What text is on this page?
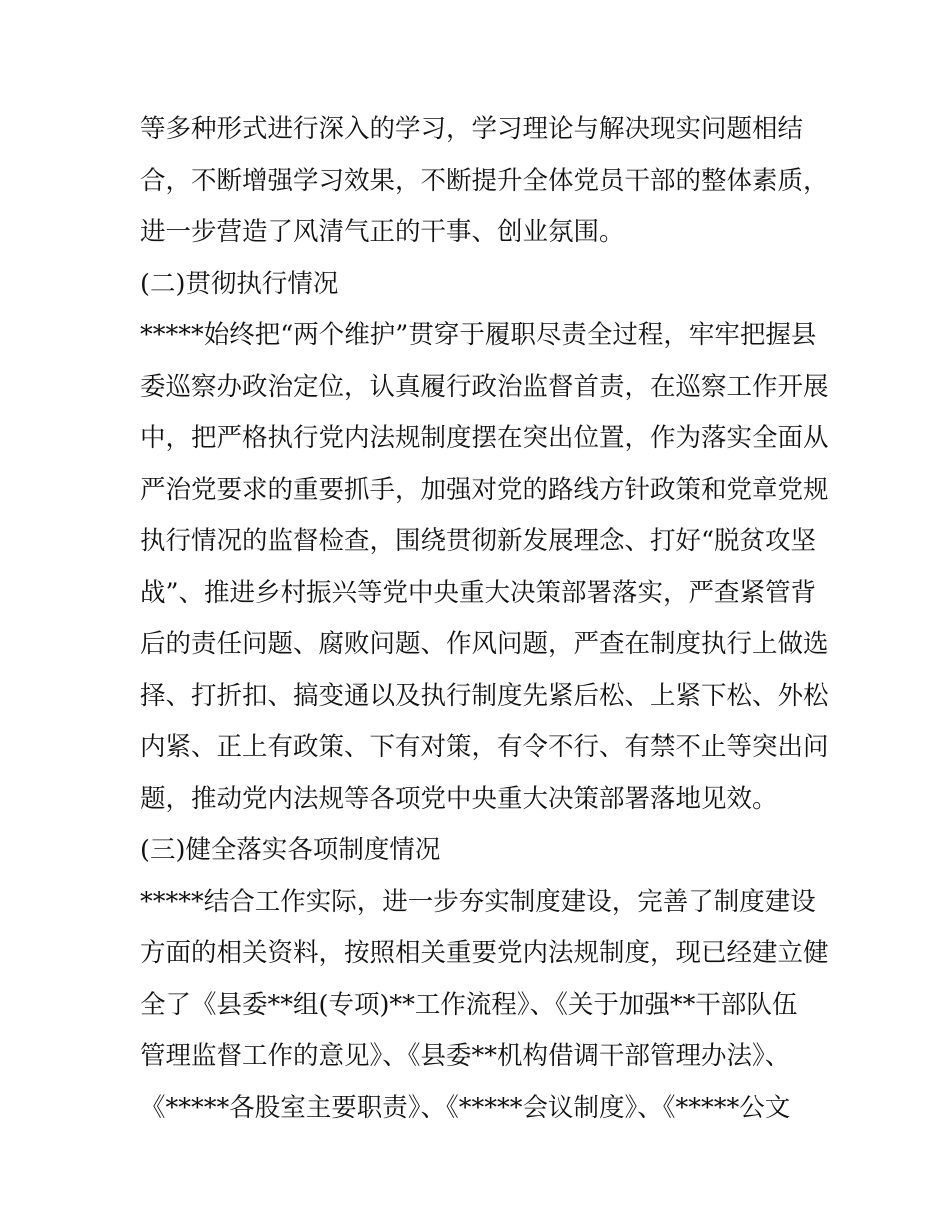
等多种形式进行深入的学习，学习理论与解决现实问题相结
合，不断增强学习效果，不断提升全体党员干部的整体素质，
进一步营造了风清气正的干事、创业氛围。
(二)贯彻执行情况
*****始终把“两个维护”贯穿于履职尽责全过程，牢牢把握县
委巡察办政治定位，认真履行政治监督首责，在巡察工作开展
中，把严格执行党内法规制度摆在突出位置，作为落实全面从
严治党要求的重要抓手，加强对党的路线方针政策和党章党规
执行情况的监督检查，围绕贯彻新发展理念、打好“脱贫攻坚
战”、推进乡村振兴等党中央重大决策部署落实，严查紧管背
后的责任问题、腐败问题、作风问题，严查在制度执行上做选
择、打折扣、搞变通以及执行制度先紧后松、上紧下松、外松
内紧、正上有政策、下有对策，有令不行、有禁不止等突出问
题，推动党内法规等各项党中央重大决策部署落地见效。
(三)健全落实各项制度情况
*****结合工作实际，进一步夯实制度建设，完善了制度建设
方面的相关资料，按照相关重要党内法规制度，现已经建立健
全了《县委**组(专项)**工作流程》、《关于加强**干部队伍
管理监督工作的意见》、《县委**机构借调干部管理办法》、
《*****各股室主要职责》、《*****会议制度》、《*****公文
